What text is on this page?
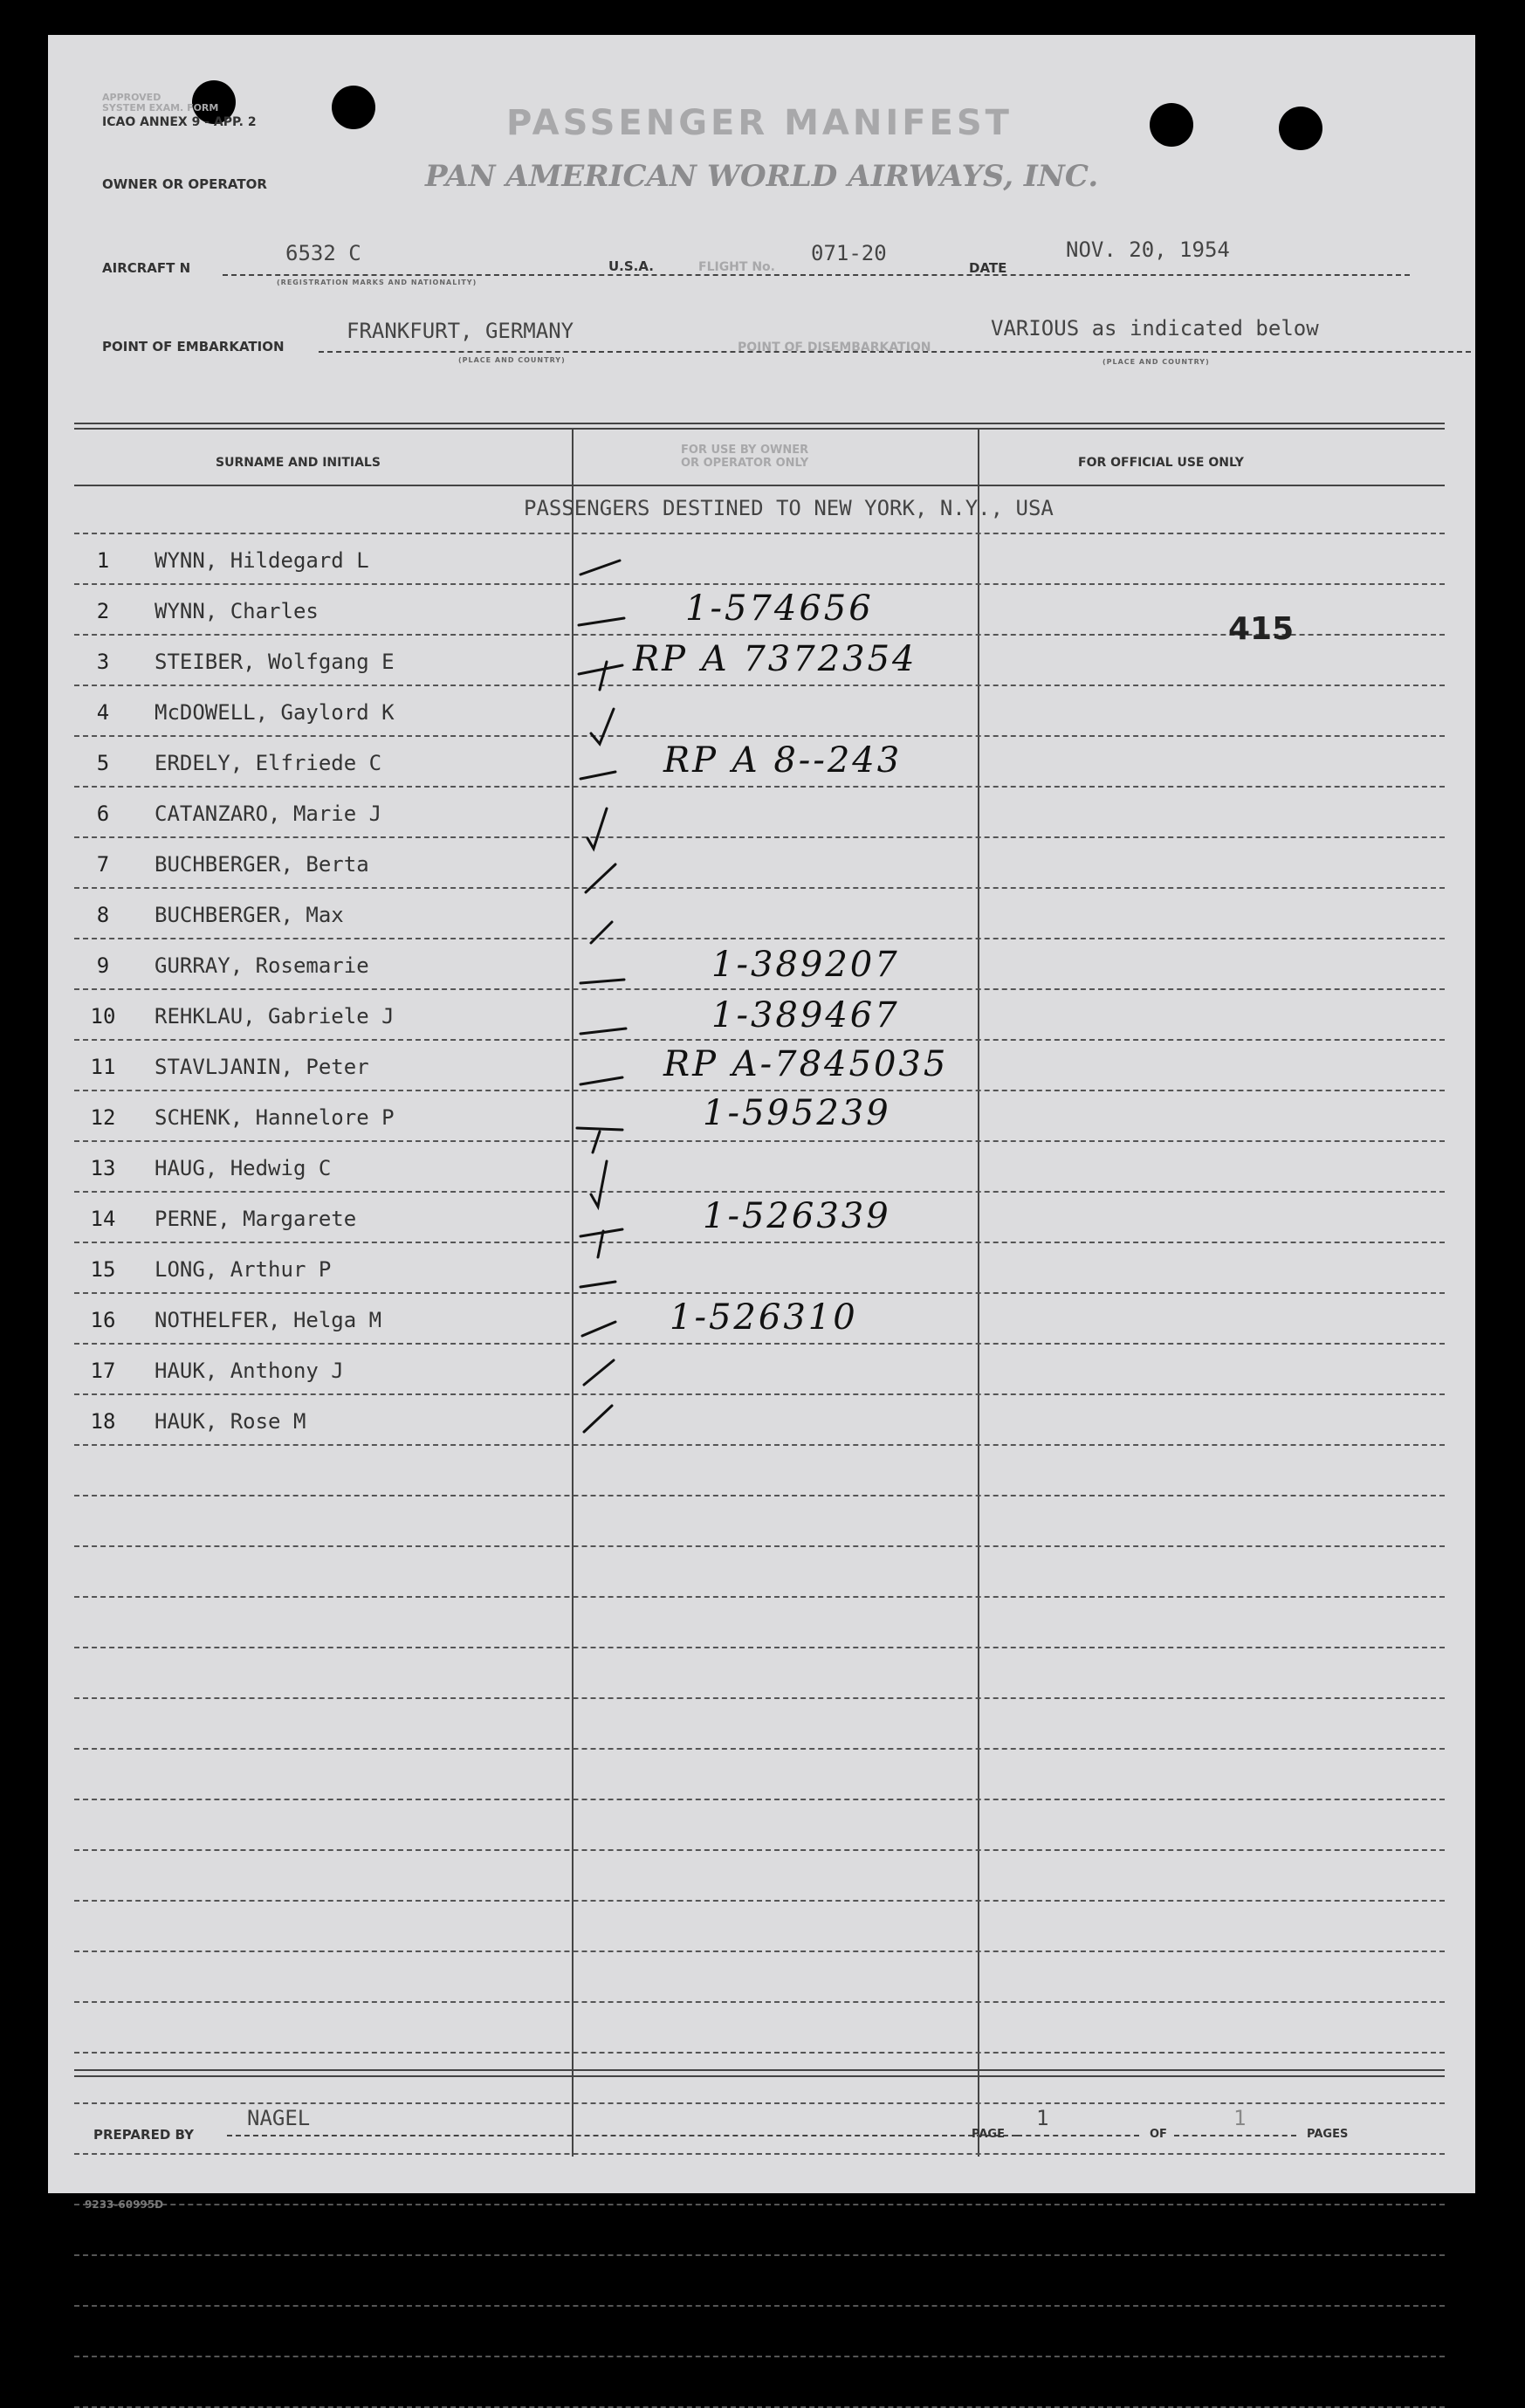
APPROVED
SYSTEM EXAM. FORM
ICAO ANNEX 9 - APP. 2	PASSENGER MANIFEST
OWNER OR OPERATOR	PAN AMERICAN WORLD AIRWAYS, INC.
AIRCRAFT N
6532 C
(REGISTRATION MARKS AND NATIONALITY)
U.S.A.	FLIGHT No.
071-20
DATE
NOV. 20, 1954
POINT OF EMBARKATION
FRANKFURT, GERMANY
(PLACE AND COUNTRY)
POINT OF DISEMBARKATION
VARIOUS as indicated below
(PLACE AND COUNTRY)
SURNAME AND INITIALS
FOR USE BY OWNER
OR OPERATOR ONLY	FOR OFFICIAL USE ONLY
PASSENGERS DESTINED TO NEW YORK, N.Y., USA
1	WYNN, Hildegard L
2	WYNN, Charles	1-574656
3	STEIBER, Wolfgang E	RP A 7372354
4	McDOWELL, Gaylord K
5	ERDELY, Elfriede C	RP A 8--243
6	CATANZARO, Marie J
7	BUCHBERGER, Berta
8	BUCHBERGER, Max
9	GURRAY, Rosemarie	1-389207
10	REHKLAU, Gabriele J	1-389467
11	STAVLJANIN, Peter	RP A-7845035
12	SCHENK, Hannelore P	1-595239
13	HAUG, Hedwig C
14	PERNE, Margarete	1-526339
15	LONG, Arthur P
16	NOTHELFER, Helga M	1-526310
17	HAUK, Anthony J
18	HAUK, Rose M
415
PREPARED BY
NAGEL
PAGE
1
OF
1
PAGES
9233-60995D
